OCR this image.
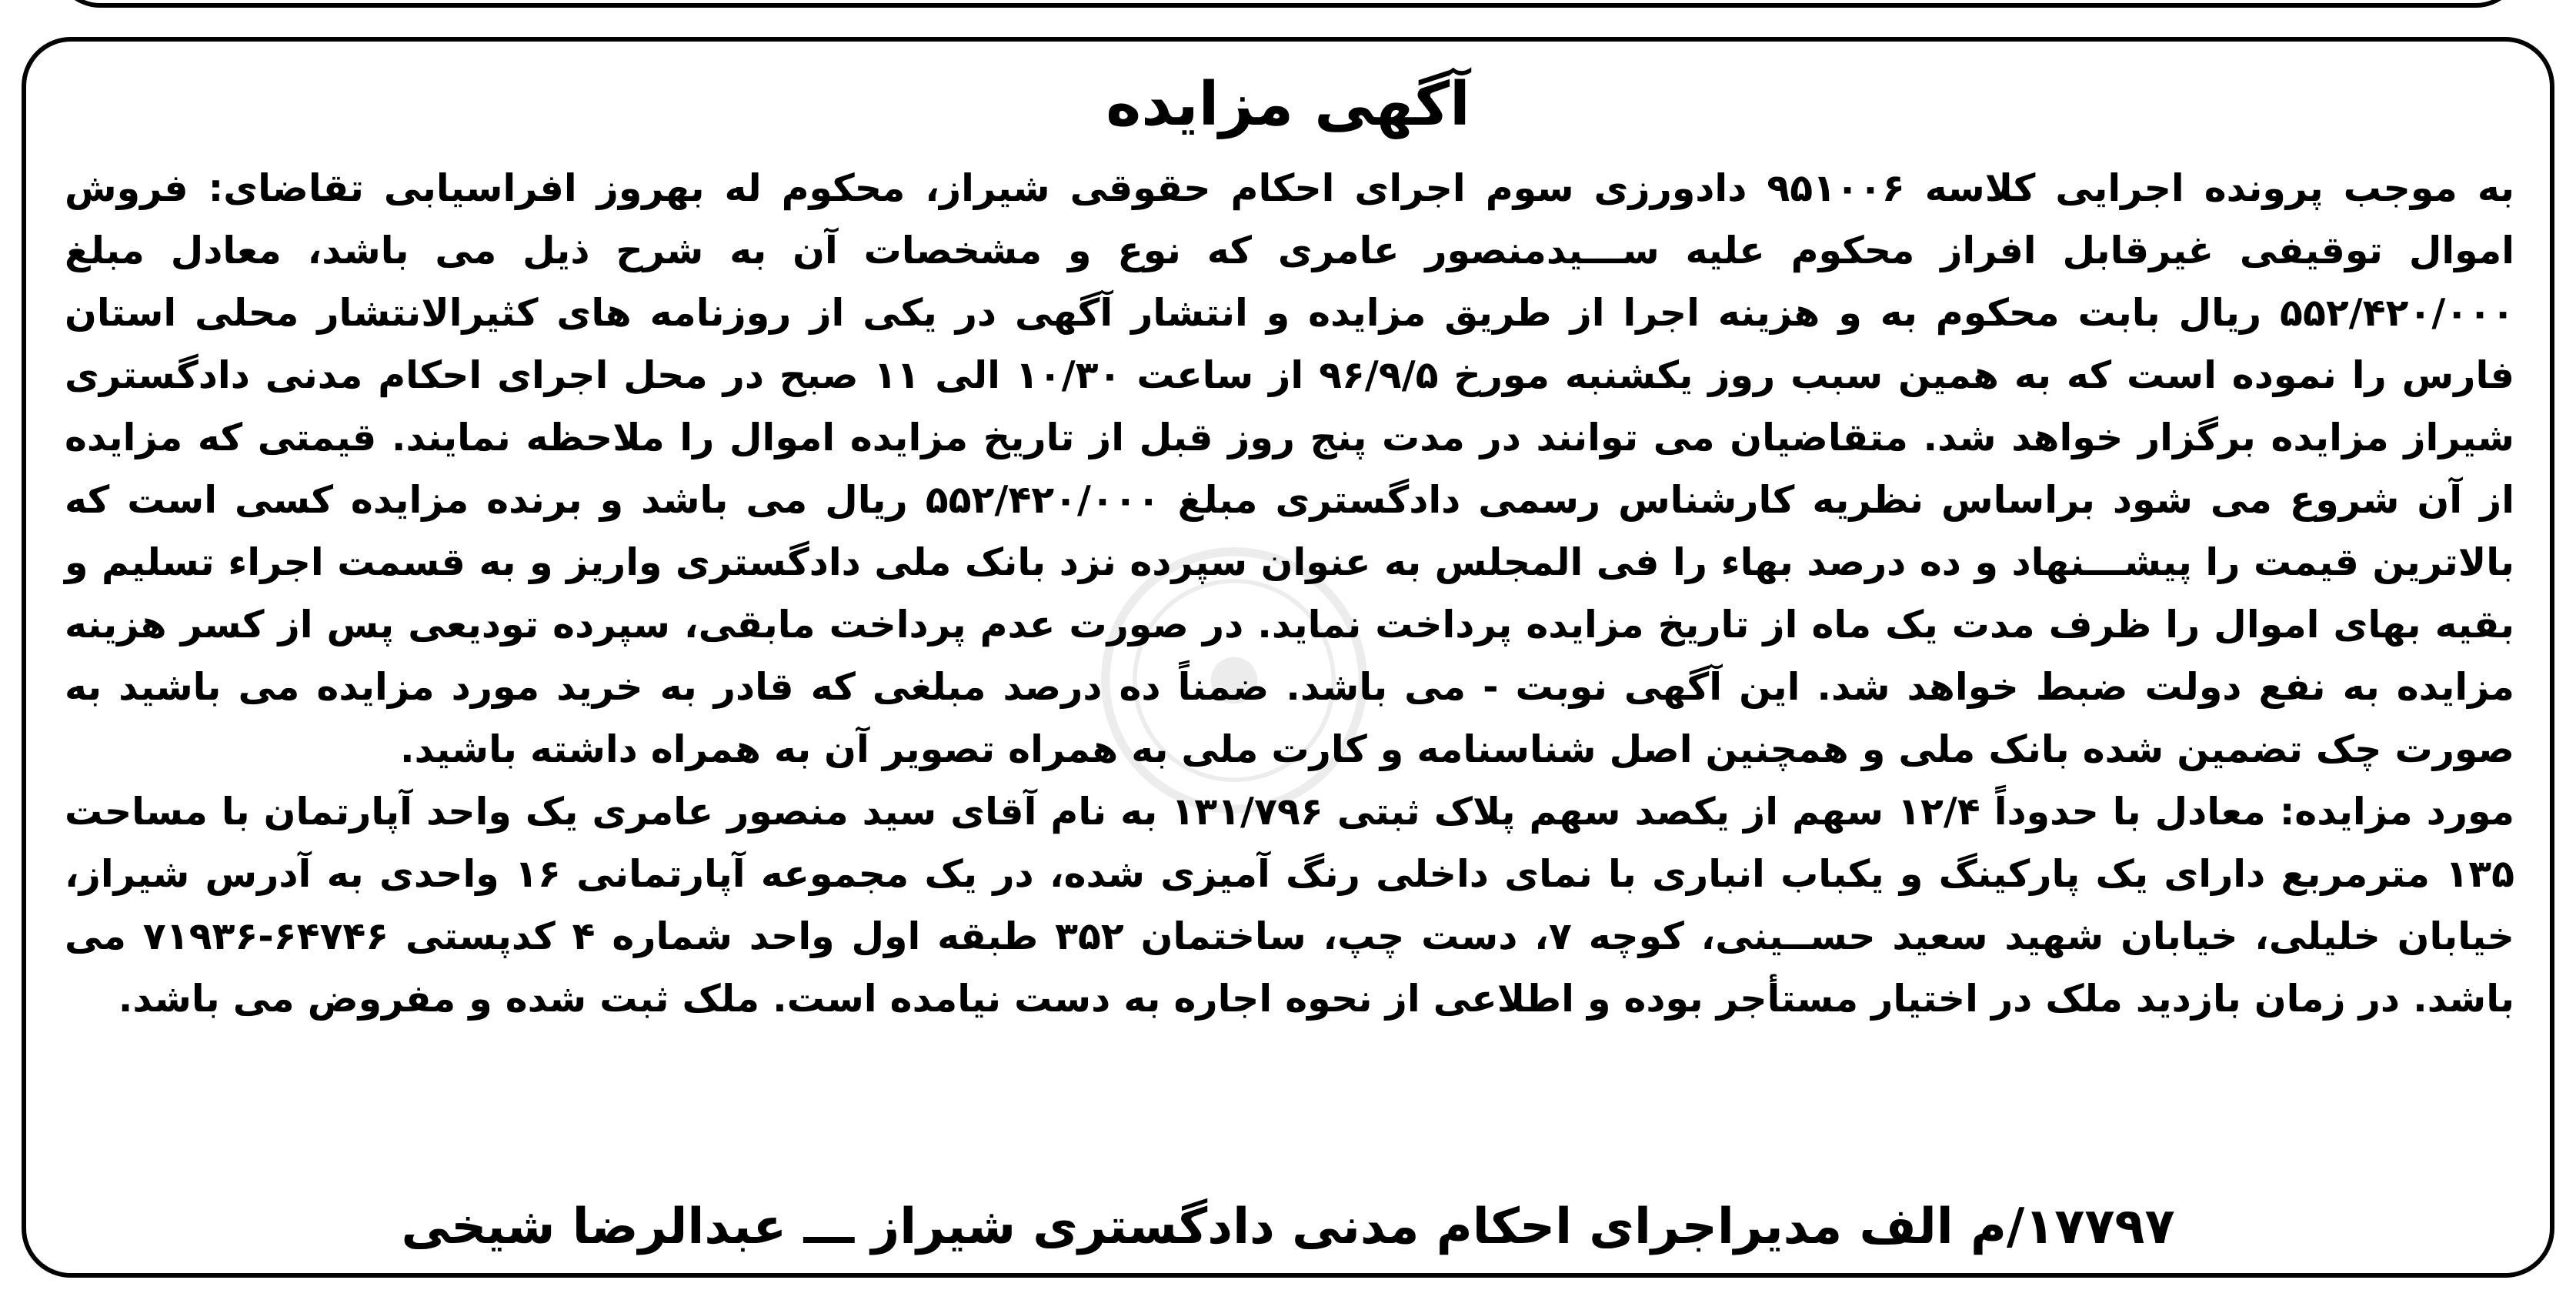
آگهی مزایده

به موجب پرونده اجرایی کلاسه ۹۵۱۰۰۶ دادورزی سوم اجرای احکام حقوقی شیراز، محکوم له بهروز افراسیابی تقاضای: فروش اموال توقیفی غیرقابل افراز محکوم علیه ســـیدمنصور عامری که نوع و مشخصات آن به شرح ذیل می باشد، معادل مبلغ ۵۵۲/۴۲۰/۰۰۰ ریال بابت محکوم به و هزینه اجرا از طریق مزایده و انتشار آگهی در یکی از روزنامه های کثیرالانتشار محلی استان فارس را نموده است که به همین سبب روز یکشنبه مورخ ۹۶/۹/۵ از ساعت ۱۰/۳۰ الی ۱۱ صبح در محل اجرای احکام مدنی دادگستری شیراز مزایده برگزار خواهد شد. متقاضیان می توانند در مدت پنج روز قبل از تاریخ مزایده اموال را ملاحظه نمایند. قیمتی که مزایده از آن شروع می شود براساس نظریه کارشناس رسمی دادگستری مبلغ ۵۵۲/۴۲۰/۰۰۰ ریال می باشد و برنده مزایده کسی است که بالاترین قیمت را پیشـــنهاد و ده درصد بهاء را فی المجلس به عنوان سپرده نزد بانک ملی دادگستری واریز و به قسمت اجراء تسلیم و بقیه بهای اموال را ظرف مدت یک ماه از تاریخ مزایده پرداخت نماید. در صورت عدم پرداخت مابقی، سپرده تودیعی پس از کسر هزینه مزایده به نفع دولت ضبط خواهد شد. این آگهی نوبت - می باشد. ضمناً ده درصد مبلغی که قادر به خرید مورد مزایده می باشید به صورت چک تضمین شده بانک ملی و همچنین اصل شناسنامه و کارت ملی به همراه تصویر آن به همراه داشته باشید.

مورد مزایده: معادل با حدوداً ۱۲/۴ سهم از یکصد سهم پلاک ثبتی ۱۳۱/۷۹۶ به نام آقای سید منصور عامری یک واحد آپارتمان با مساحت ۱۳۵ مترمربع دارای یک پارکینگ و یکباب انباری با نمای داخلی رنگ آمیزی شده، در یک مجموعه آپارتمانی ۱۶ واحدی به آدرس شیراز، خیابان خلیلی، خیابان شهید سعید حســینی، کوچه ۷، دست چپ، ساختمان ۳۵۲ طبقه اول واحد شماره ۴ کدپستی ۶۴۷۴۶-۷۱۹۳۶ می باشد. در زمان بازدید ملک در اختیار مستأجر بوده و اطلاعی از نحوه اجاره به دست نیامده است. ملک ثبت شده و مفروض می باشد.

۱۷۷۹۷/م الف مدیراجرای احکام مدنی دادگستری شیراز ـــ عبدالرضا شیخی
